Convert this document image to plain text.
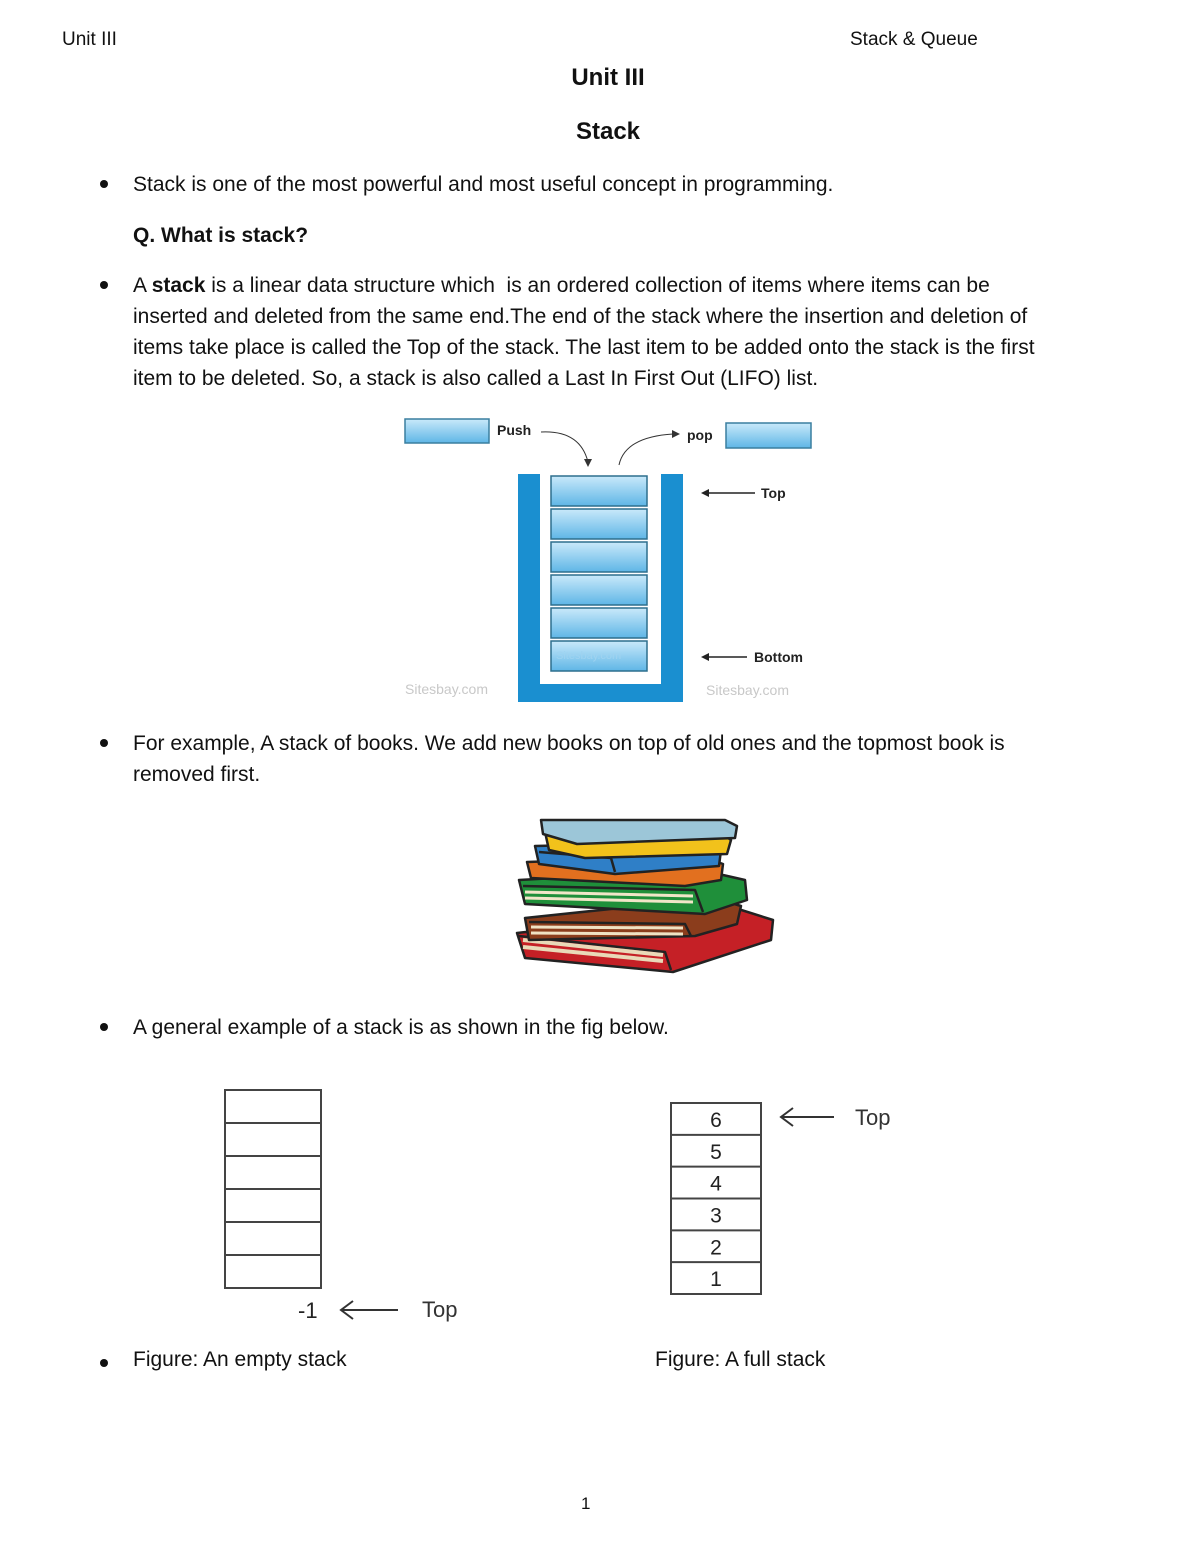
Unit III	Stack & Queue
Unit III
Stack
Stack is one of the most powerful and most useful concept in programming.
Q. What is stack?
A stack is a linear data structure which  is an ordered collection of items where items can be
inserted and deleted from the same end.The end of the stack where the insertion and deletion of
items take place is called the Top of the stack. The last item to be added onto the stack is the first
item to be deleted. So, a stack is also called a Last In First Out (LIFO) list.
Push	pop
Sitesbay.com
Top
Bottom
Sitesbay.com	Sitesbay.com
For example, A stack of books. We add new books on top of old ones and the topmost book is
removed first.
A general example of a stack is as shown in the fig below.
-1	Top
6
5
4
3
2
1
Top
Figure: An empty stack	Figure: A full stack
1
